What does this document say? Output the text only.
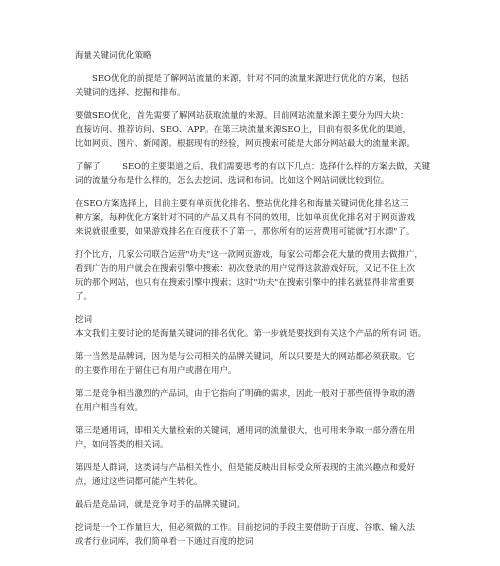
海量关键词优化策略
SEO优化的前提是了解网站流量的来源，针对不同的流量来源进行优化的方案，包括
关键词的选择、挖掘和排布。
要做SEO优化，首先需要了解网站获取流量的来源。目前网站流量来源主要分为四大块：
直接访问、推荐访问、SEO、APP。在第三块流量来源SEO上，目前有很多优化的渠道，
比如网页、图片、新闻源。根据现有的经验，网页搜索可能是大部分网站最大的流量来源。
了解了        SEO的主要渠道之后，我们需要思考的有以下几点：选择什么样的方案去做，关键
词的流量分布是什么样的，怎么去挖词、选词和布词。比如这个网站词就比较到位。
在SEO方案选择上，目前主要有单页优化排名、整站优化排名和海量关键词优化排名这三
种方案，每种优化方案针对不同的产品又具有不同的效用，比如单页优化排名对于网页游戏
来说就很重要，如果游戏排名在百度获不了第一，那你所有的运营费用可能就"打水漂"了。
打个比方，几家公司联合运营"功夫"这一款网页游戏，每家公司都会花大量的费用去做推广，
看到广告的用户就会在搜索引擎中搜索：初次登录的用户觉得这款游戏好玩，又记不住上次
玩的那个网站，也只有在搜索引擎中搜索；这时"功夫"在搜索引擎中的排名就显得非常重要
了。
挖词
本文我们主要讨论的是海量关键词的排名优化。第一步就是要找到有关这个产品的所有词 语。
第一当然是品牌词，因为是与公司相关的品牌关键词，所以只要是大的网站都必须获取。它
的主要作用在于留住已有用户或潜在用户。
第二是竞争相当激烈的产品词，由于它指向了明确的需求，因此一般对于那些值得争取的潜
在用户相当有效。
第三是通用词，即相关大量检索的关键词，通用词的流量很大，也可用来争取一部分潜在用
户，如问答类的相关词。
第四是人群词，这类词与产品相关性小，但是能反映出目标受众所表现的主流兴趣点和爱好
点，通过这些词都可能产生转化。
最后是竞品词，就是竞争对手的品牌关键词。
挖词是一个工作量巨大，但必须做的工作。目前挖词的手段主要借助于百度、谷歌、输入法
或者行业词库，我们简单看一下通过百度的挖词
